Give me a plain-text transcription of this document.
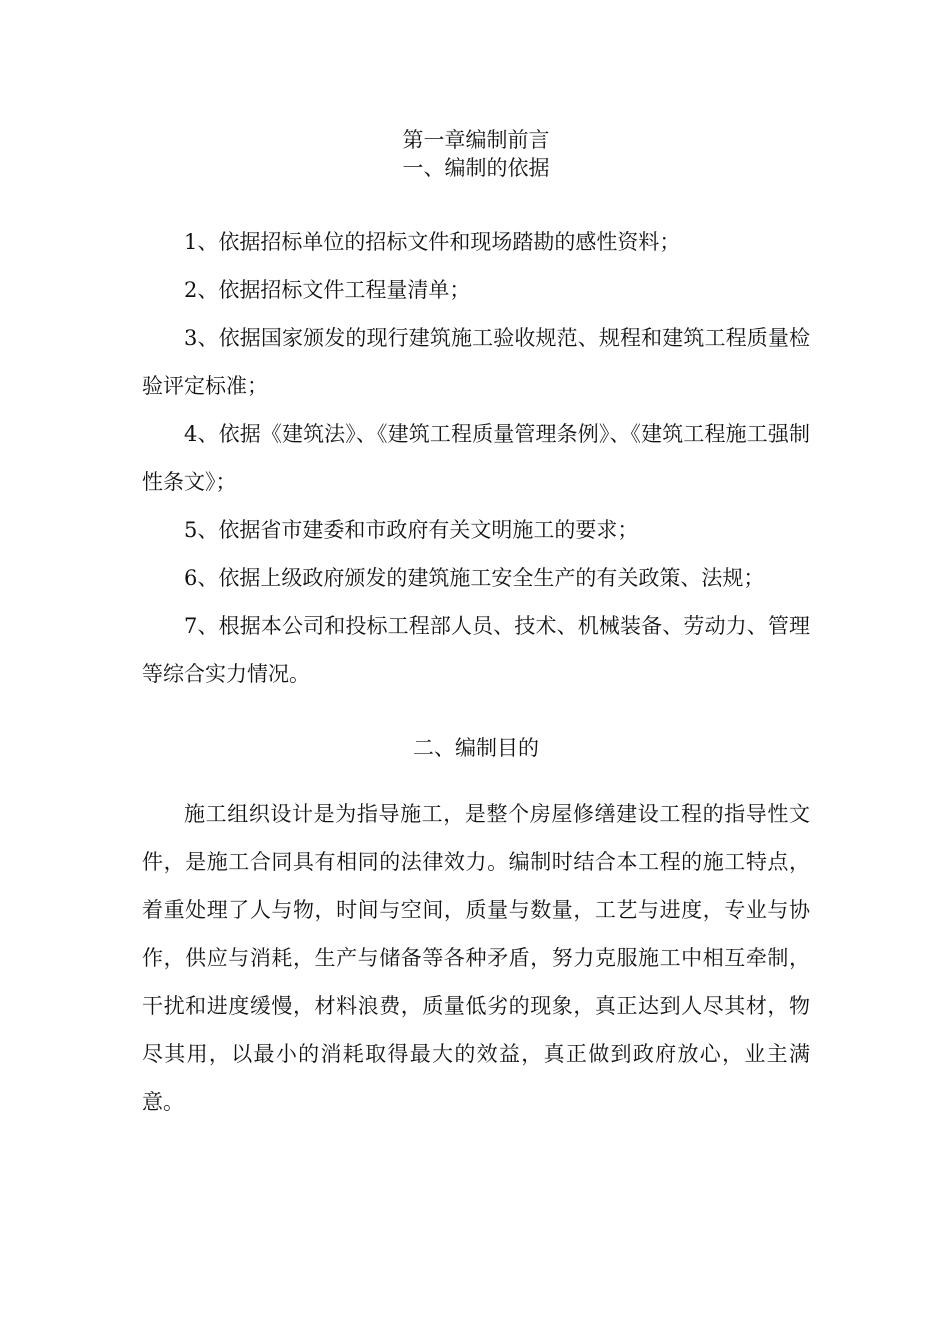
第一章编制前言
一、编制的依据

1、依据招标单位的招标文件和现场踏勘的感性资料；

2、依据招标文件工程量清单；

3、依据国家颁发的现行建筑施工验收规范、规程和建筑工程质量检验评定标准；

4、依据《建筑法》、《建筑工程质量管理条例》、《建筑工程施工强制性条文》；

5、依据省市建委和市政府有关文明施工的要求；

6、依据上级政府颁发的建筑施工安全生产的有关政策、法规；

7、根据本公司和投标工程部人员、技术、机械装备、劳动力、管理等综合实力情况。

二、编制目的

施工组织设计是为指导施工，是整个房屋修缮建设工程的指导性文件，是施工合同具有相同的法律效力。编制时结合本工程的施工特点，着重处理了人与物，时间与空间，质量与数量，工艺与进度，专业与协作，供应与消耗，生产与储备等各种矛盾，努力克服施工中相互牵制，干扰和进度缓慢，材料浪费，质量低劣的现象，真正达到人尽其材，物尽其用，以最小的消耗取得最大的效益，真正做到政府放心，业主满意。
